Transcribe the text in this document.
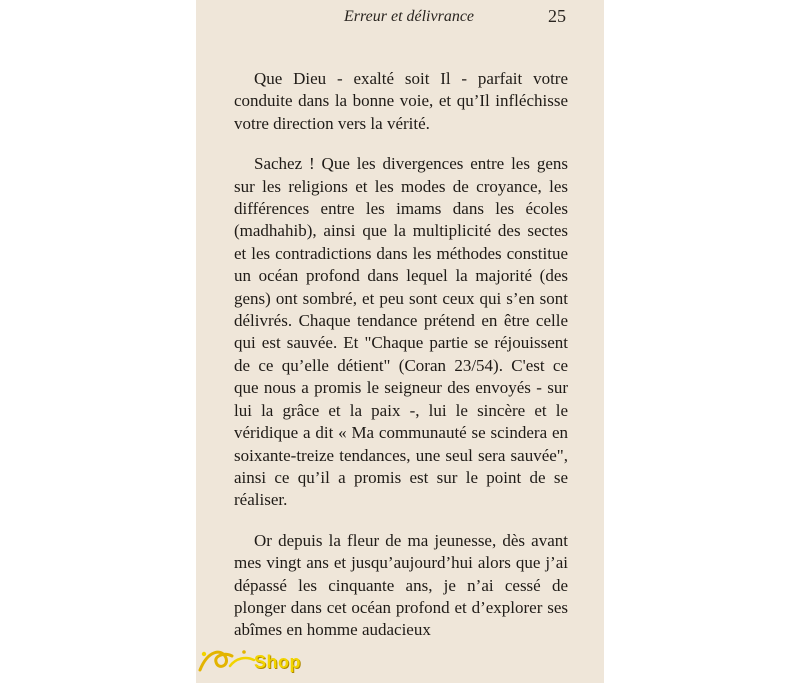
Erreur et délivrance	25

Que Dieu - exalté soit Il - parfait votre conduite dans la bonne voie, et qu’Il infléchisse votre direction vers la vérité.

Sachez ! Que les divergences entre les gens sur les religions et les modes de croyance, les différences entre les imams dans les écoles (madhahib), ainsi que la multiplicité des sectes et les contradictions dans les méthodes constitue un océan profond dans lequel la majorité (des gens) ont sombré, et peu sont ceux qui s’en sont délivrés. Chaque tendance prétend en être celle qui est sauvée. Et "Chaque partie se réjouissent de ce qu’elle détient" (Coran 23/54). C'est ce que nous a promis le seigneur des envoyés - sur lui la grâce et la paix -, lui le sincère et le véridique a dit « Ma communauté se scindera en soixante-treize tendances, une seul sera sauvée", ainsi ce qu’il a promis est sur le point de se réaliser.

Or depuis la fleur de ma jeunesse, dès avant mes vingt ans et jusqu’aujourd’hui alors que j’ai dépassé les cinquante ans, je n’ai cessé de plonger dans cet océan profond et d’explorer ses abîmes en homme audacieux

Shop
